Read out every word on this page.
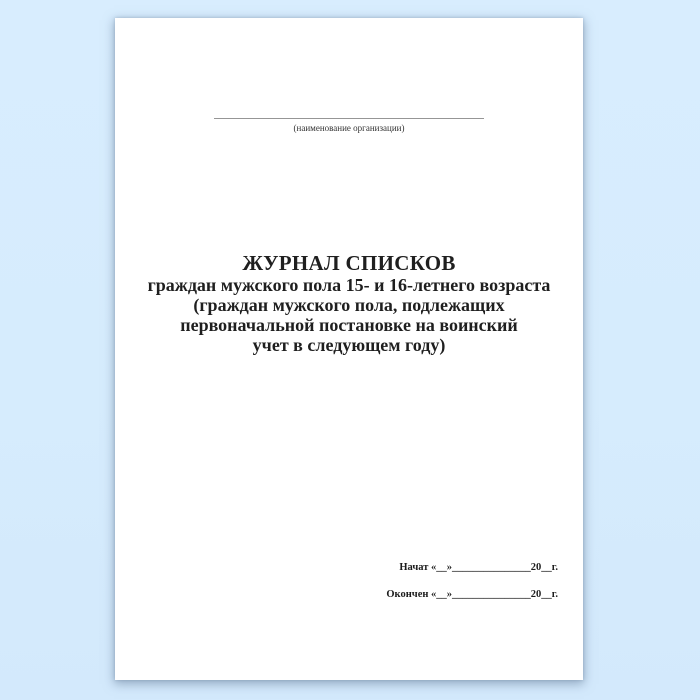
______________________________________________________
(наименование организации)
ЖУРНАЛ СПИСКОВ
граждан мужского пола 15- и 16-летнего возраста
(граждан мужского пола, подлежащих
первоначальной постановке на воинский
учет в следующем году)
Начат «__»_______________20__г.
Окончен «__»_______________20__г.
